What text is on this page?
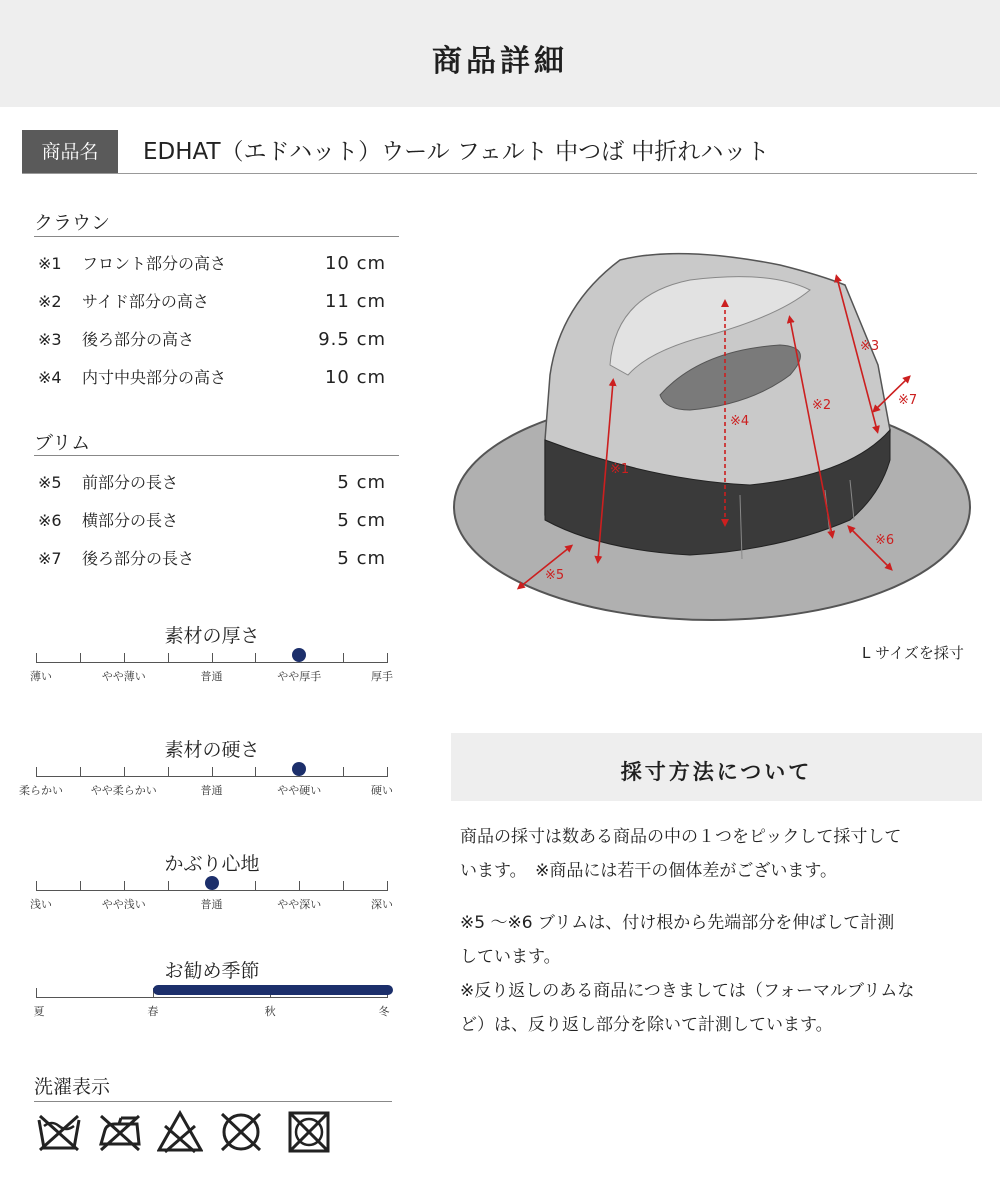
商品詳細
商品名	EDHAT（エドハット）ウール フェルト 中つば 中折れハット
クラウン
※1 フロント部分の高さ	10 cm
※2 サイド部分の高さ	11 cm
※3 後ろ部分の高さ	9.5 cm
※4 内寸中央部分の高さ	10 cm
ブリム
※5 前部分の長さ	5 cm
※6 横部分の長さ	5 cm
※7 後ろ部分の長さ	5 cm
素材の厚さ
薄い	やや薄い	普通	やや厚手	厚手
素材の硬さ
柔らかい	やや柔らかい	普通	やや硬い	硬い
かぶり心地
浅い	やや浅い	普通	やや深い	深い
お勧め季節
夏	春	秋	冬
洗濯表示
※1
※2
※3
※4
※5
※6
※7
L サイズを採寸
採寸方法について
商品の採寸は数ある商品の中の１つをピックして採寸して
います。　※商品には若干の個体差がございます。
※5 ～※6 ブリムは、付け根から先端部分を伸ばして計測
しています。
※反り返しのある商品につきましては（フォーマルブリムな
ど）は、反り返し部分を除いて計測しています。
